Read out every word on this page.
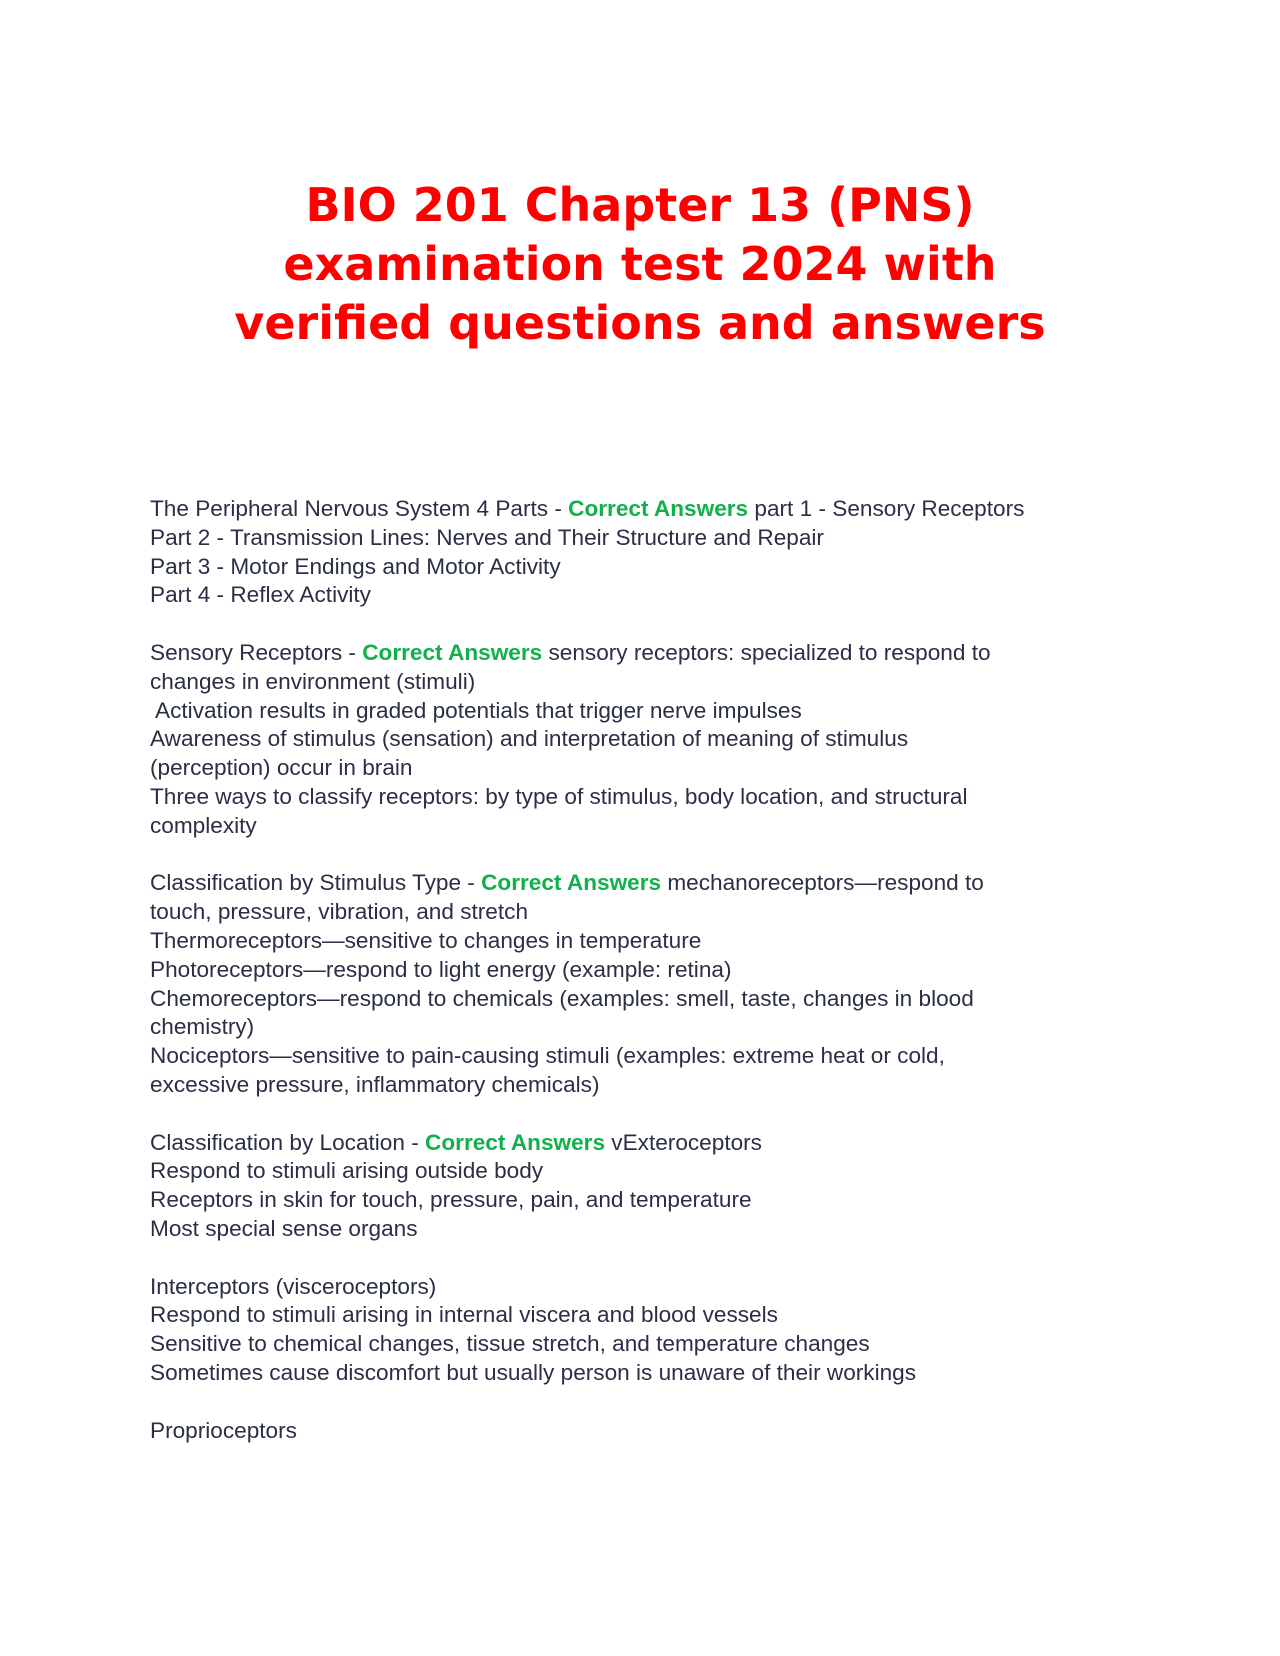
BIO 201 Chapter 13 (PNS)
examination test 2024 with
verified questions and answers
The Peripheral Nervous System 4 Parts - Correct Answers part 1 - Sensory Receptors
Part 2 - Transmission Lines: Nerves and Their Structure and Repair
Part 3 - Motor Endings and Motor Activity
Part 4 - Reflex Activity
Sensory Receptors - Correct Answers sensory receptors: specialized to respond to
changes in environment (stimuli)
Activation results in graded potentials that trigger nerve impulses
Awareness of stimulus (sensation) and interpretation of meaning of stimulus
(perception) occur in brain
Three ways to classify receptors: by type of stimulus, body location, and structural
complexity
Classification by Stimulus Type - Correct Answers mechanoreceptors—respond to
touch, pressure, vibration, and stretch
Thermoreceptors—sensitive to changes in temperature
Photoreceptors—respond to light energy (example: retina)
Chemoreceptors—respond to chemicals (examples: smell, taste, changes in blood
chemistry)
Nociceptors—sensitive to pain-causing stimuli (examples: extreme heat or cold,
excessive pressure, inflammatory chemicals)
Classification by Location - Correct Answers vExteroceptors
Respond to stimuli arising outside body
Receptors in skin for touch, pressure, pain, and temperature
Most special sense organs
Interceptors (visceroceptors)
Respond to stimuli arising in internal viscera and blood vessels
Sensitive to chemical changes, tissue stretch, and temperature changes
Sometimes cause discomfort but usually person is unaware of their workings
Proprioceptors
